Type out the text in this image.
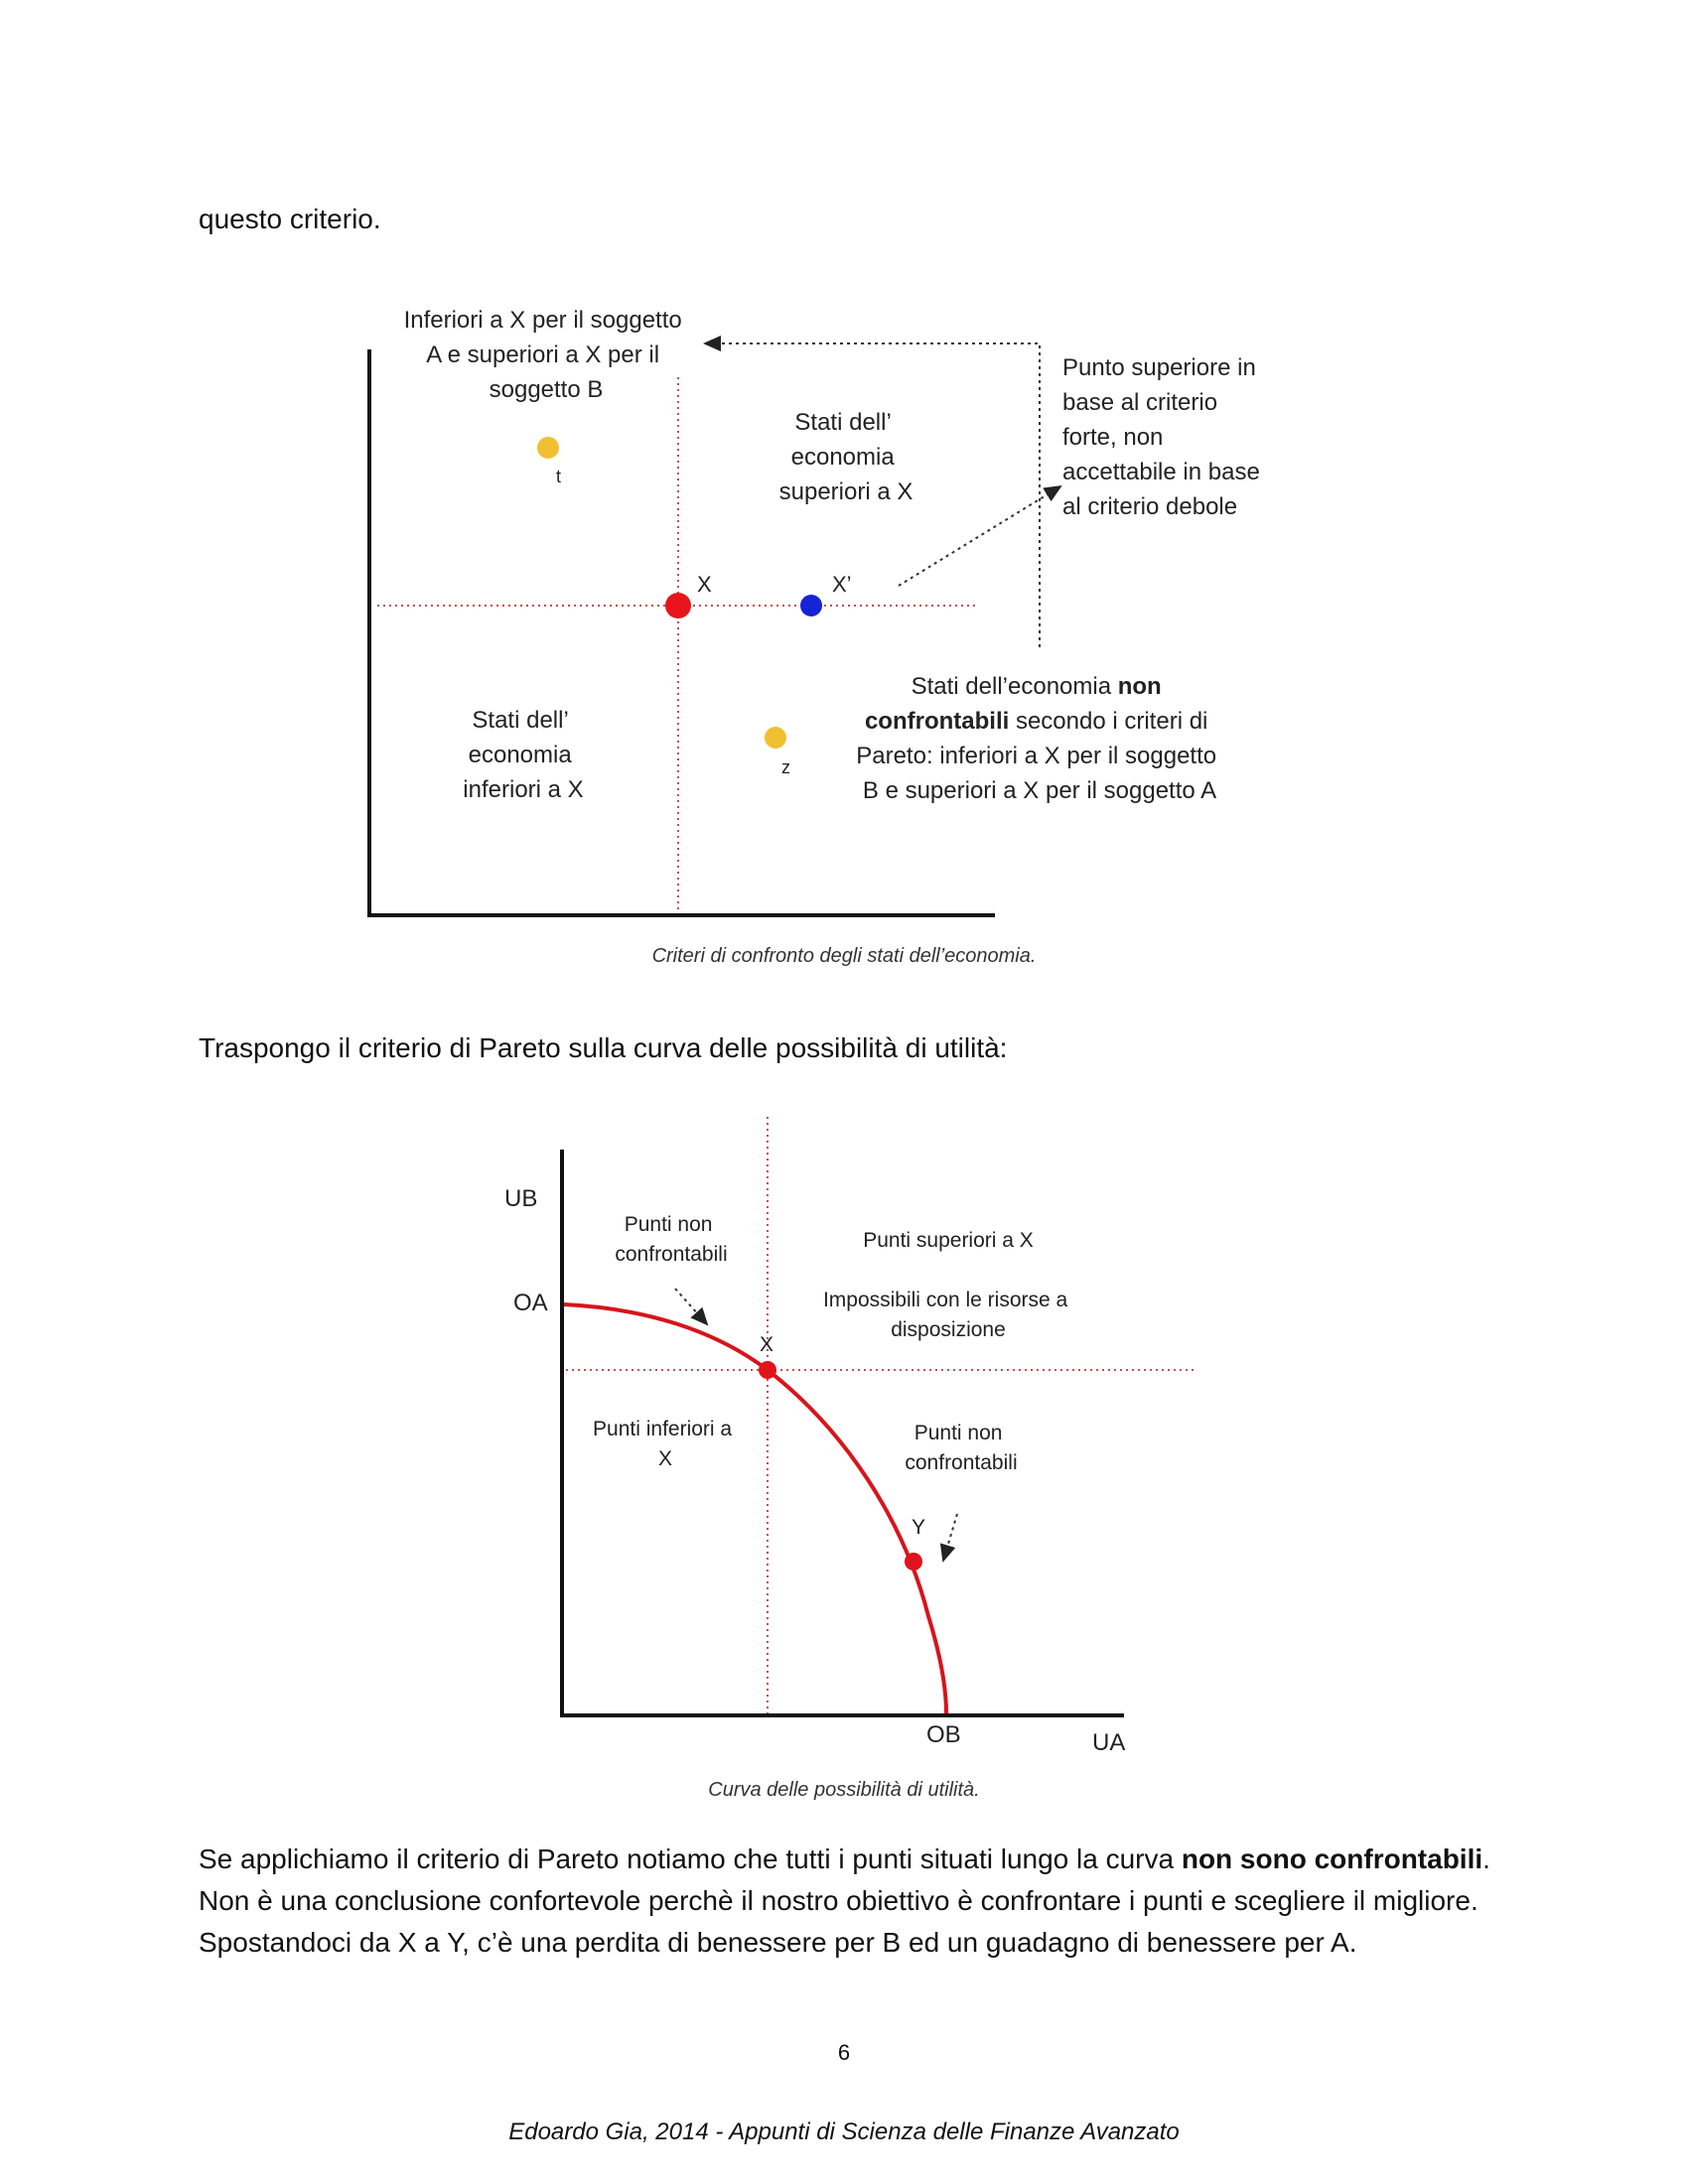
questo criterio.
Inferiori a X per il soggetto A e superiori a X per il soggetto B
Stati dell’ economia superiori a X
Punto superiore in base al criterio forte, non accettabile in base al criterio debole
Stati dell’ economia inferiori a X
Stati dell’economia non confrontabili secondo i criteri di Pareto: inferiori a X per il soggetto B e superiori a X per il soggetto A
t
z
X	X’
Criteri di confronto degli stati dell’economia.
Traspongo il criterio di Pareto sulla curva delle possibilità di utilità:
UB
UA
OA
OB
X
Y
Punti non confrontabili
Punti superiori a X
Impossibili con le risorse a disposizione
Punti inferiori a X
Punti non confrontabili
Curva delle possibilità di utilità.
Se applichiamo il criterio di Pareto notiamo che tutti i punti situati lungo la curva non sono confrontabili.
Non è una conclusione confortevole perchè il nostro obiettivo è confrontare i punti e scegliere il migliore.
Spostandoci da X a Y, c’è una perdita di benessere per B ed un guadagno di benessere per A.
6
Edoardo Gia, 2014 - Appunti di Scienza delle Finanze Avanzato
